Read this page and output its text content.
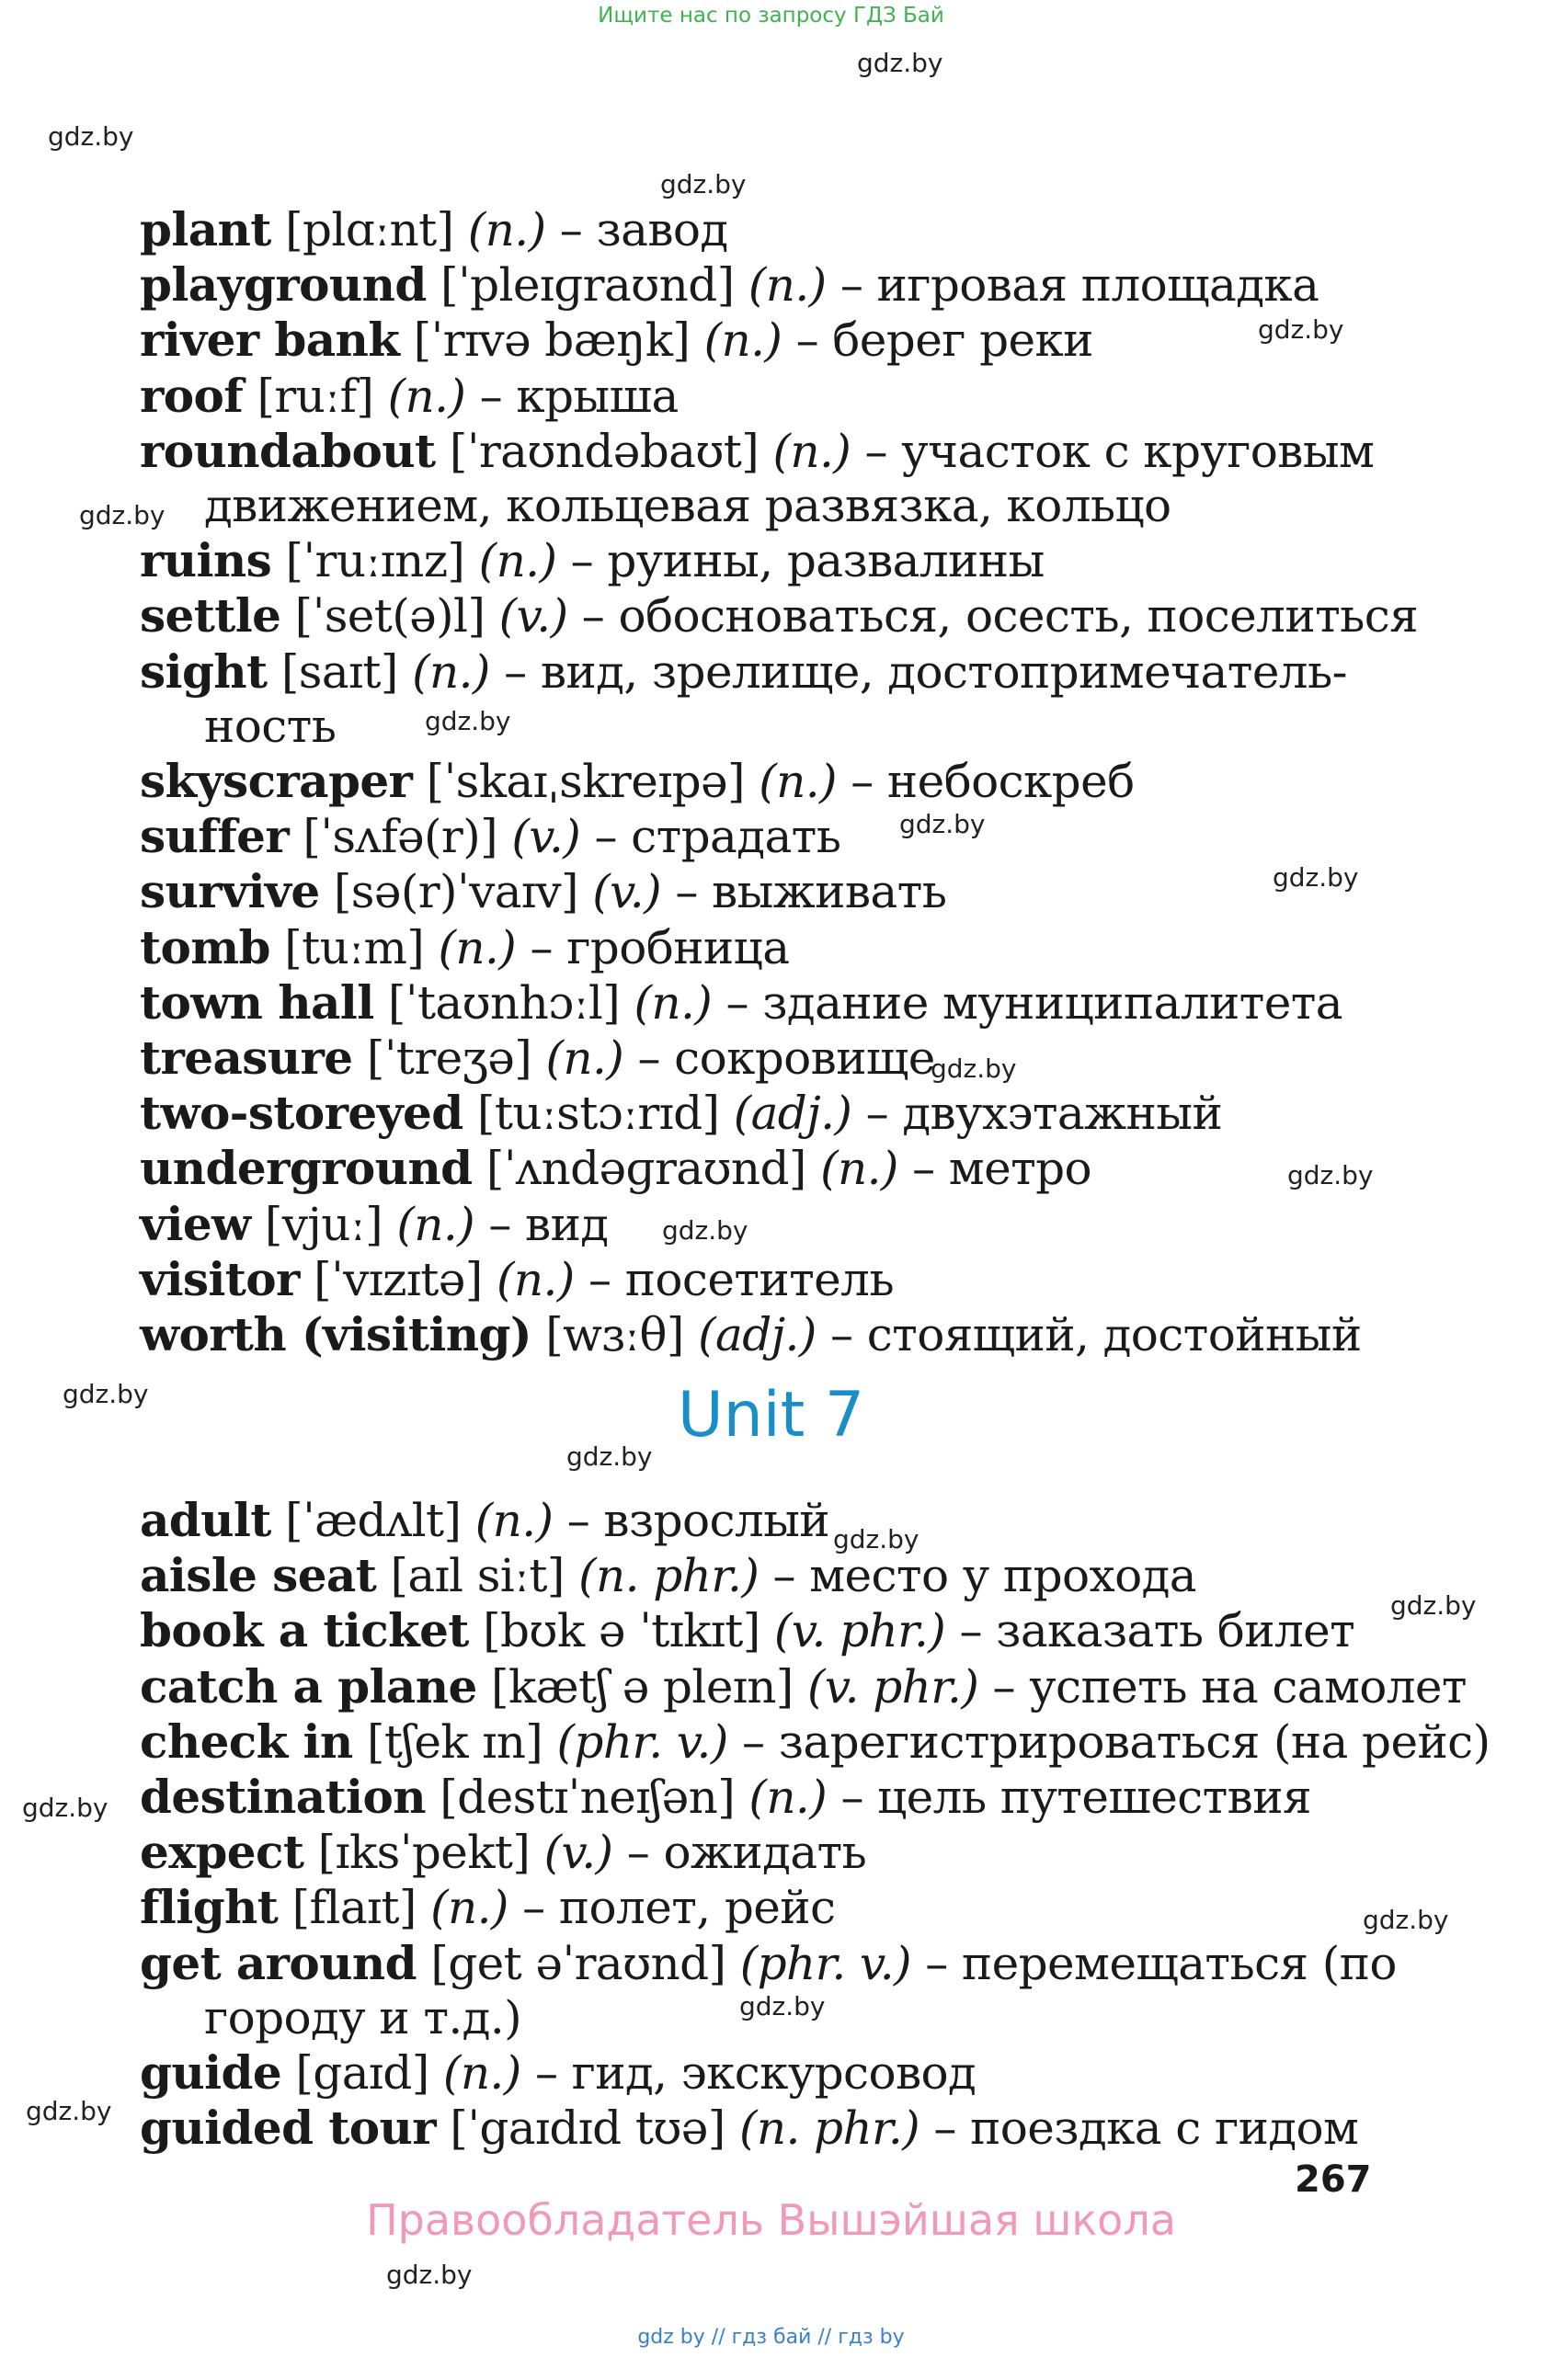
Ищите нас по запросу ГДЗ Бай
gdz.by
gdz.by
gdz.by
gdz.by
gdz.by
gdz.by
gdz.by
gdz.by
gdz.by
gdz.by
gdz.by
gdz.by
gdz.by
gdz.by
gdz.by
gdz.by
gdz.by
gdz.by
gdz.by
gdz.by
plant [plɑːnt] (n.) – завод
playground [ˈpleɪɡraʊnd] (n.) – игровая площадка
river bank [ˈrɪvə bæŋk] (n.) – берег реки
roof [ruːf] (n.) – крыша
roundabout [ˈraʊndəbaʊt] (n.) – участок с круговым
движением, кольцевая развязка, кольцо
ruins [ˈruːɪnz] (n.) – руины, развалины
settle [ˈset(ə)l] (v.) – обосноваться, осесть, поселиться
sight [saɪt] (n.) – вид, зрелище, достопримечатель-
ность
skyscraper [ˈskaɪˌskreɪpə] (n.) – небоскреб
suffer [ˈsʌfə(r)] (v.) – страдать
survive [sə(r)ˈvaɪv] (v.) – выживать
tomb [tuːm] (n.) – гробница
town hall [ˈtaʊnhɔːl] (n.) – здание муниципалитета
treasure [ˈtreʒə] (n.) – сокровище
two-storeyed [tuːstɔːrɪd] (adj.) – двухэтажный
underground [ˈʌndəɡraʊnd] (n.) – метро
view [vjuː] (n.) – вид
visitor [ˈvɪzɪtə] (n.) – посетитель
worth (visiting) [wɜːθ] (adj.) – стоящий, достойный
Unit 7
adult [ˈædʌlt] (n.) – взрослый
aisle seat [aɪl siːt] (n. phr.) – место у прохода
book a ticket [bʊk ə ˈtɪkɪt] (v. phr.) – заказать билет
catch a plane [kætʃ ə pleɪn] (v. phr.) – успеть на самолет
check in [tʃek ɪn] (phr. v.) – зарегистрироваться (на рейс)
destination [destɪˈneɪʃən] (n.) – цель путешествия
expect [ɪksˈpekt] (v.) – ожидать
flight [flaɪt] (n.) – полет, рейс
get around [get əˈraʊnd] (phr. v.) – перемещаться (по
городу и т.д.)
guide [gaɪd] (n.) – гид, экскурсовод
guided tour [ˈgaɪdɪd tʊə] (n. phr.) – поездка с гидом
267
Правообладатель Вышэйшая школа
gdz by // гдз бай // гдз by
